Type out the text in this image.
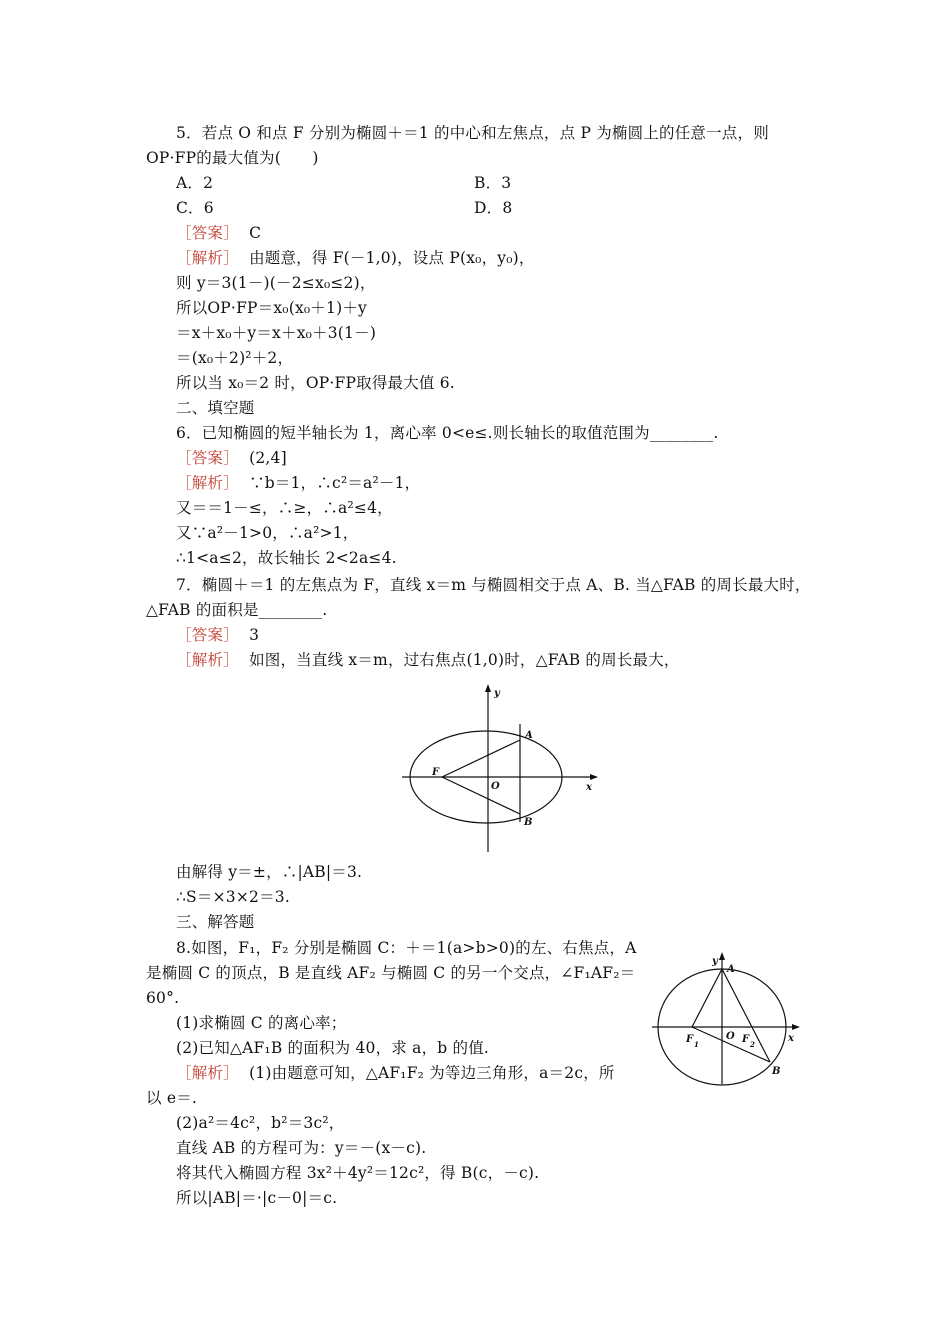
5．若点 O 和点 F 分别为椭圆＋＝1 的中心和左焦点，点 P 为椭圆上的任意一点，则
OP·FP的最大值为(　　)
A．2	B．3
C．6	D．8
［答案］ C
［解析］ 由题意，得 F(－1,0)，设点 P(x₀，y₀)，
则 y＝3(1－)(－2≤x₀≤2)，
所以OP·FP＝x₀(x₀＋1)＋y
＝x＋x₀＋y＝x＋x₀＋3(1－)
＝(x₀＋2)²＋2，
所以当 x₀＝2 时，OP·FP取得最大值 6.
二、填空题
6．已知椭圆的短半轴长为 1，离心率 0<e≤.则长轴长的取值范围为________.
［答案］ (2,4]
［解析］ ∵b＝1，∴c²＝a²－1，
又＝＝1－≤，∴≥，∴a²≤4，
又∵a²－1>0，∴a²>1，
∴1<a≤2，故长轴长 2<2a≤4.
7．椭圆＋＝1 的左焦点为 F，直线 x＝m 与椭圆相交于点 A、B. 当△FAB 的周长最大时，
△FAB 的面积是________.
［答案］ 3
［解析］ 如图，当直线 x＝m，过右焦点(1,0)时，△FAB 的周长最大，
y
x
A
B
F
O
由解得 y＝±，∴|AB|＝3.
∴S＝×3×2＝3.
三、解答题
8.如图，F₁，F₂ 分别是椭圆 C：＋＝1(a>b>0)的左、右焦点，A
是椭圆 C 的顶点，B 是直线 AF₂ 与椭圆 C 的另一个交点，∠F₁AF₂＝
60°.
(1)求椭圆 C 的离心率；
(2)已知△AF₁B 的面积为 40，求 a，b 的值.
［解析］ (1)由题意可知，△AF₁F₂ 为等边三角形，a＝2c，所
以 e＝.
(2)a²＝4c²，b²＝3c²，
直线 AB 的方程可为：y＝－(x－c).
将其代入椭圆方程 3x²＋4y²＝12c²，得 B(c，－c).
所以|AB|＝·|c－0|＝c.
y
x
A
B
O
F 1	F 2
